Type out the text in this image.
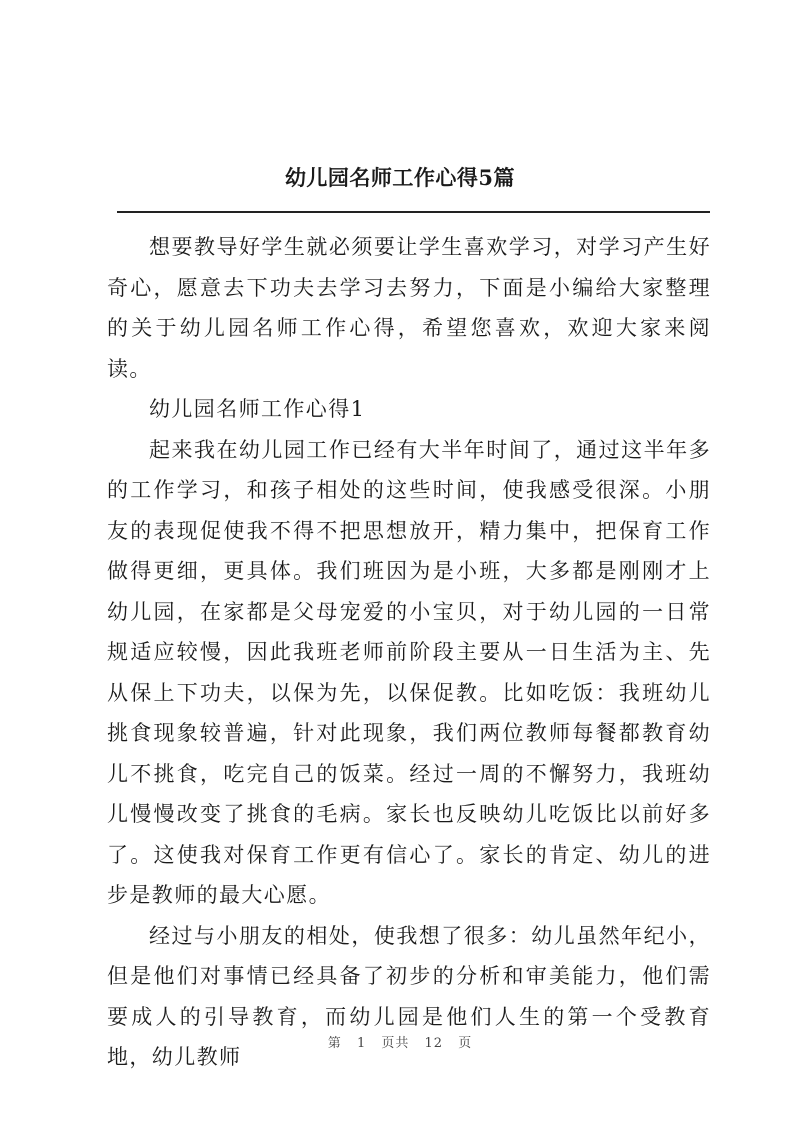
幼儿园名师工作心得5篇

想要教导好学生就必须要让学生喜欢学习，对学习产生好奇心，愿意去下功夫去学习去努力，下面是小编给大家整理的关于幼儿园名师工作心得，希望您喜欢，欢迎大家来阅读。

幼儿园名师工作心得1

起来我在幼儿园工作已经有大半年时间了，通过这半年多的工作学习，和孩子相处的这些时间，使我感受很深。小朋友的表现促使我不得不把思想放开，精力集中，把保育工作做得更细，更具体。我们班因为是小班，大多都是刚刚才上幼儿园，在家都是父母宠爱的小宝贝，对于幼儿园的一日常规适应较慢，因此我班老师前阶段主要从一日生活为主、先从保上下功夫，以保为先，以保促教。比如吃饭：我班幼儿挑食现象较普遍，针对此现象，我们两位教师每餐都教育幼儿不挑食，吃完自己的饭菜。经过一周的不懈努力，我班幼儿慢慢改变了挑食的毛病。家长也反映幼儿吃饭比以前好多了。这使我对保育工作更有信心了。家长的肯定、幼儿的进步是教师的最大心愿。

经过与小朋友的相处，使我想了很多：幼儿虽然年纪小，但是他们对事情已经具备了初步的分析和审美能力，他们需要成人的引导教育，而幼儿园是他们人生的第一个受教育地，幼儿教师

第 1 页共 12 页
